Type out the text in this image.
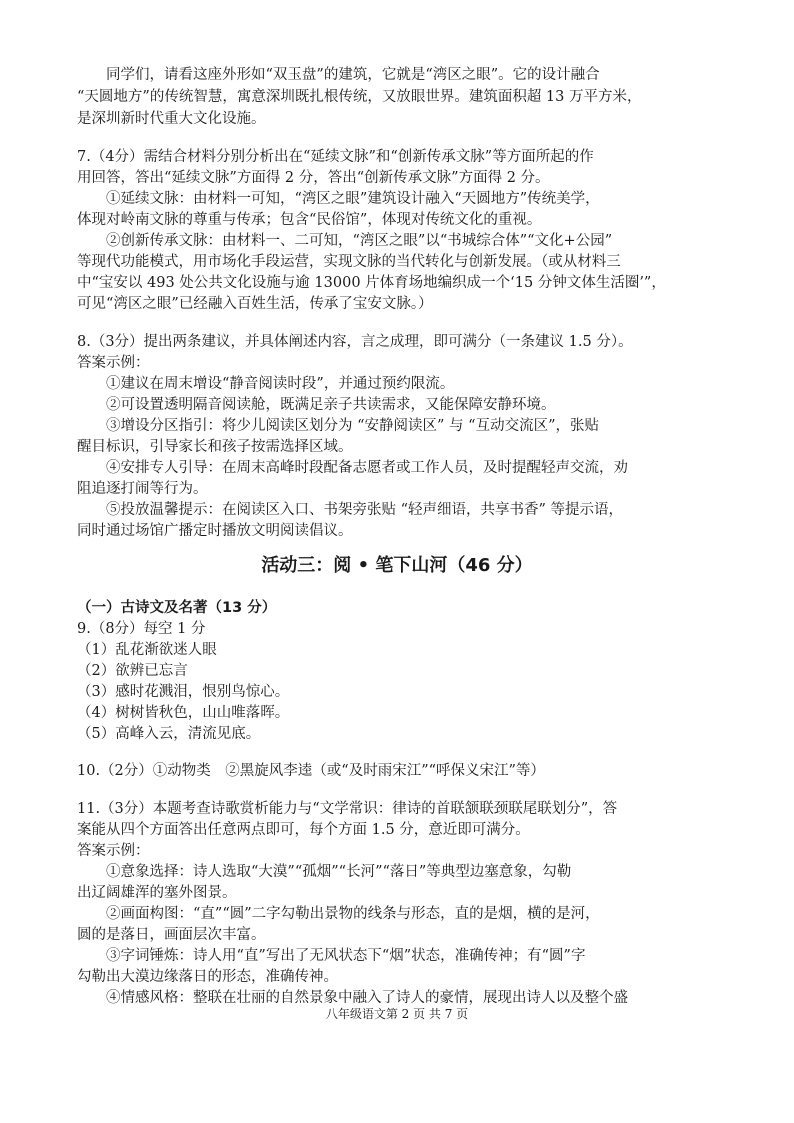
同学们，请看这座外形如“双玉盘”的建筑，它就是“湾区之眼”。它的设计融合
“天圆地方”的传统智慧，寓意深圳既扎根传统，又放眼世界。建筑面积超 13 万平方米，
是深圳新时代重大文化设施。
7.（4分）需结合材料分别分析出在“延续文脉”和“创新传承文脉”等方面所起的作
用回答，答出“延续文脉”方面得 2 分，答出“创新传承文脉”方面得 2 分。
①延续文脉：由材料一可知，“湾区之眼”建筑设计融入“天圆地方”传统美学，
体现对岭南文脉的尊重与传承；包含“民俗馆”，体现对传统文化的重视。
②创新传承文脉：由材料一、二可知，“湾区之眼”以“书城综合体”“文化+公园”
等现代功能模式，用市场化手段运营，实现文脉的当代转化与创新发展。（或从材料三
中“宝安以 493 处公共文化设施与逾 13000 片体育场地编织成一个‘15 分钟文体生活圈’”，
可见“湾区之眼”已经融入百姓生活，传承了宝安文脉。）
8.（3分）提出两条建议，并具体阐述内容，言之成理，即可满分（一条建议 1.5 分）。
答案示例：
①建议在周末增设“静音阅读时段”，并通过预约限流。
②可设置透明隔音阅读舱，既满足亲子共读需求，又能保障安静环境。
③增设分区指引：将少儿阅读区划分为 “安静阅读区” 与 “互动交流区”，张贴
醒目标识，引导家长和孩子按需选择区域。
④安排专人引导：在周末高峰时段配备志愿者或工作人员，及时提醒轻声交流，劝
阻追逐打闹等行为。
⑤投放温馨提示：在阅读区入口、书架旁张贴 “轻声细语，共享书香” 等提示语，
同时通过场馆广播定时播放文明阅读倡议。
活动三：阅 • 笔下山河（46 分）
（一）古诗文及名著（13 分）
9.（8分）每空 1 分
（1）乱花渐欲迷人眼
（2）欲辨已忘言
（3）感时花溅泪，恨别鸟惊心。
（4）树树皆秋色，山山唯落晖。
（5）高峰入云，清流见底。
10.（2分）①动物类　②黑旋风李逵（或“及时雨宋江”“呼保义宋江”等）
11.（3分）本题考查诗歌赏析能力与“文学常识：律诗的首联颔联颈联尾联划分”，答
案能从四个方面答出任意两点即可，每个方面 1.5 分，意近即可满分。
答案示例：
①意象选择：诗人选取“大漠”“孤烟”“长河”“落日”等典型边塞意象，勾勒
出辽阔雄浑的塞外图景。
②画面构图：“直”“圆”二字勾勒出景物的线条与形态，直的是烟，横的是河，
圆的是落日，画面层次丰富。
③字词锤炼：诗人用“直”写出了无风状态下“烟”状态，准确传神；有“圆”字
勾勒出大漠边缘落日的形态，准确传神。
④情感风格：整联在壮丽的自然景象中融入了诗人的豪情，展现出诗人以及整个盛
八年级语文第 2 页 共 7 页
